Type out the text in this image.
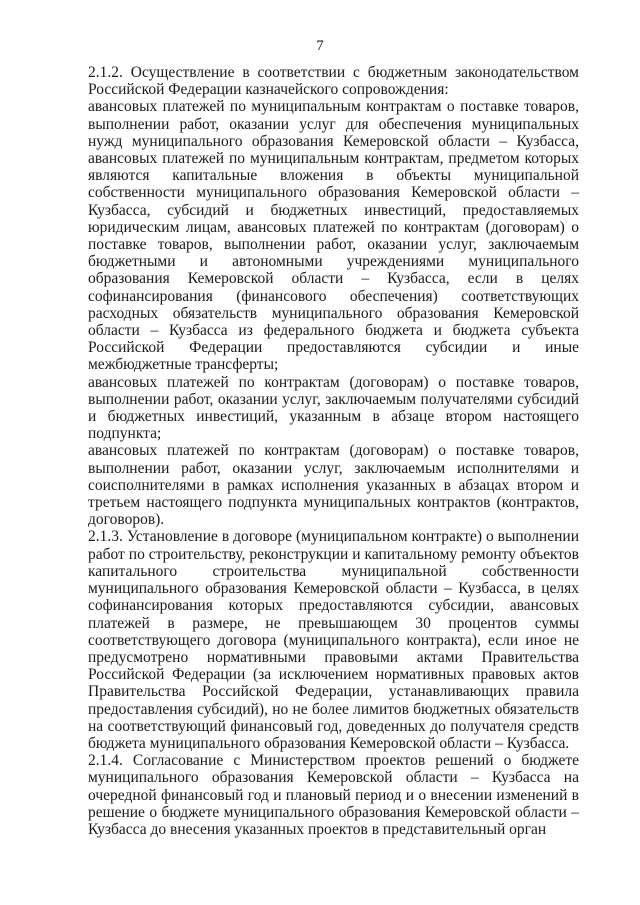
7

2.1.2. Осуществление в соответствии с бюджетным законодательством Российской Федерации казначейского сопровождения:

авансовых платежей по муниципальным контрактам о поставке товаров, выполнении работ, оказании услуг для обеспечения муниципальных нужд муниципального образования Кемеровской области – Кузбасса, авансовых платежей по муниципальным контрактам, предметом которых являются капитальные вложения в объекты муниципальной собственности муниципального образования Кемеровской области – Кузбасса, субсидий и бюджетных инвестиций, предоставляемых юридическим лицам, авансовых платежей по контрактам (договорам) о поставке товаров, выполнении работ, оказании услуг, заключаемым бюджетными и автономными учреждениями муниципального образования Кемеровской области – Кузбасса, если в целях софинансирования (финансового обеспечения) соответствующих расходных обязательств муниципального образования Кемеровской области – Кузбасса из федерального бюджета и бюджета субъекта Российской Федерации предоставляются субсидии и иные межбюджетные трансферты;

авансовых платежей по контрактам (договорам) о поставке товаров, выполнении работ, оказании услуг, заключаемым получателями субсидий и бюджетных инвестиций, указанным в абзаце втором настоящего подпункта;

авансовых платежей по контрактам (договорам) о поставке товаров, выполнении работ, оказании услуг, заключаемым исполнителями и соисполнителями в рамках исполнения указанных в абзацах втором и третьем настоящего подпункта муниципальных контрактов (контрактов, договоров).

2.1.3. Установление в договоре (муниципальном контракте) о выполнении работ по строительству, реконструкции и капитальному ремонту объектов капитального строительства муниципальной собственности муниципального образования Кемеровской области – Кузбасса, в целях софинансирования которых предоставляются субсидии, авансовых платежей в размере, не превышающем 30 процентов суммы соответствующего договора (муниципального контракта), если иное не предусмотрено нормативными правовыми актами Правительства Российской Федерации (за исключением нормативных правовых актов Правительства Российской Федерации, устанавливающих правила предоставления субсидий), но не более лимитов бюджетных обязательств на соответствующий финансовый год, доведенных до получателя средств бюджета муниципального образования Кемеровской области – Кузбасса.

2.1.4. Согласование с Министерством проектов решений о бюджете муниципального образования Кемеровской области – Кузбасса на очередной финансовый год и плановый период и о внесении изменений в решение о бюджете муниципального образования Кемеровской области – Кузбасса до внесения указанных проектов в представительный орган
